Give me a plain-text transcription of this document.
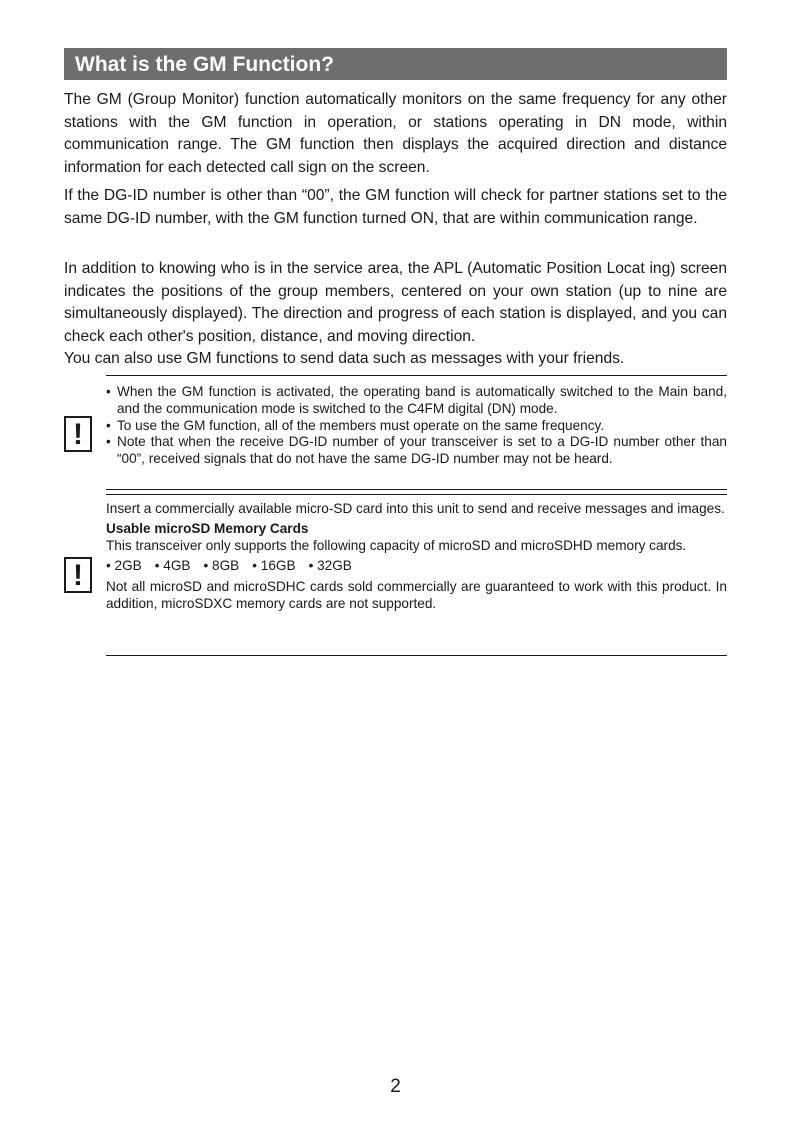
What is the GM Function?

The GM (Group Monitor) function automatically monitors on the same frequency for any other stations with the GM function in operation, or stations operating in DN mode, within communication range. The GM function then displays the acquired direction and distance information for each detected call sign on the screen.

If the DG-ID number is other than “00”, the GM function will check for partner stations set to the same DG-ID number, with the GM function turned ON, that are within communication range.

In addition to knowing who is in the service area, the APL (Automatic Position Locat ing) screen indicates the positions of the group members, centered on your own station (up to nine are simultaneously displayed). The direction and progress of each station is displayed, and you can check each other's position, distance, and moving direction.

You can also use GM functions to send data such as messages with your friends.

!
• When the GM function is activated, the operating band is automatically switched to the Main band, and the communication mode is switched to the C4FM digital (DN) mode.
• To use the GM function, all of the members must operate on the same frequency.
• Note that when the receive DG-ID number of your transceiver is set to a DG-ID number other than “00”, received signals that do not have the same DG-ID number may not be heard.
!

Insert a commercially available micro-SD card into this unit to send and receive messages and images.

Usable microSD Memory Cards

This transceiver only supports the following capacity of microSD and microSDHD memory cards.

• 2GB	• 4GB	• 8GB	• 16GB	• 32GB

Not all microSD and microSDHC cards sold commercially are guaranteed to work with this product. In addition, microSDXC memory cards are not supported.

2
